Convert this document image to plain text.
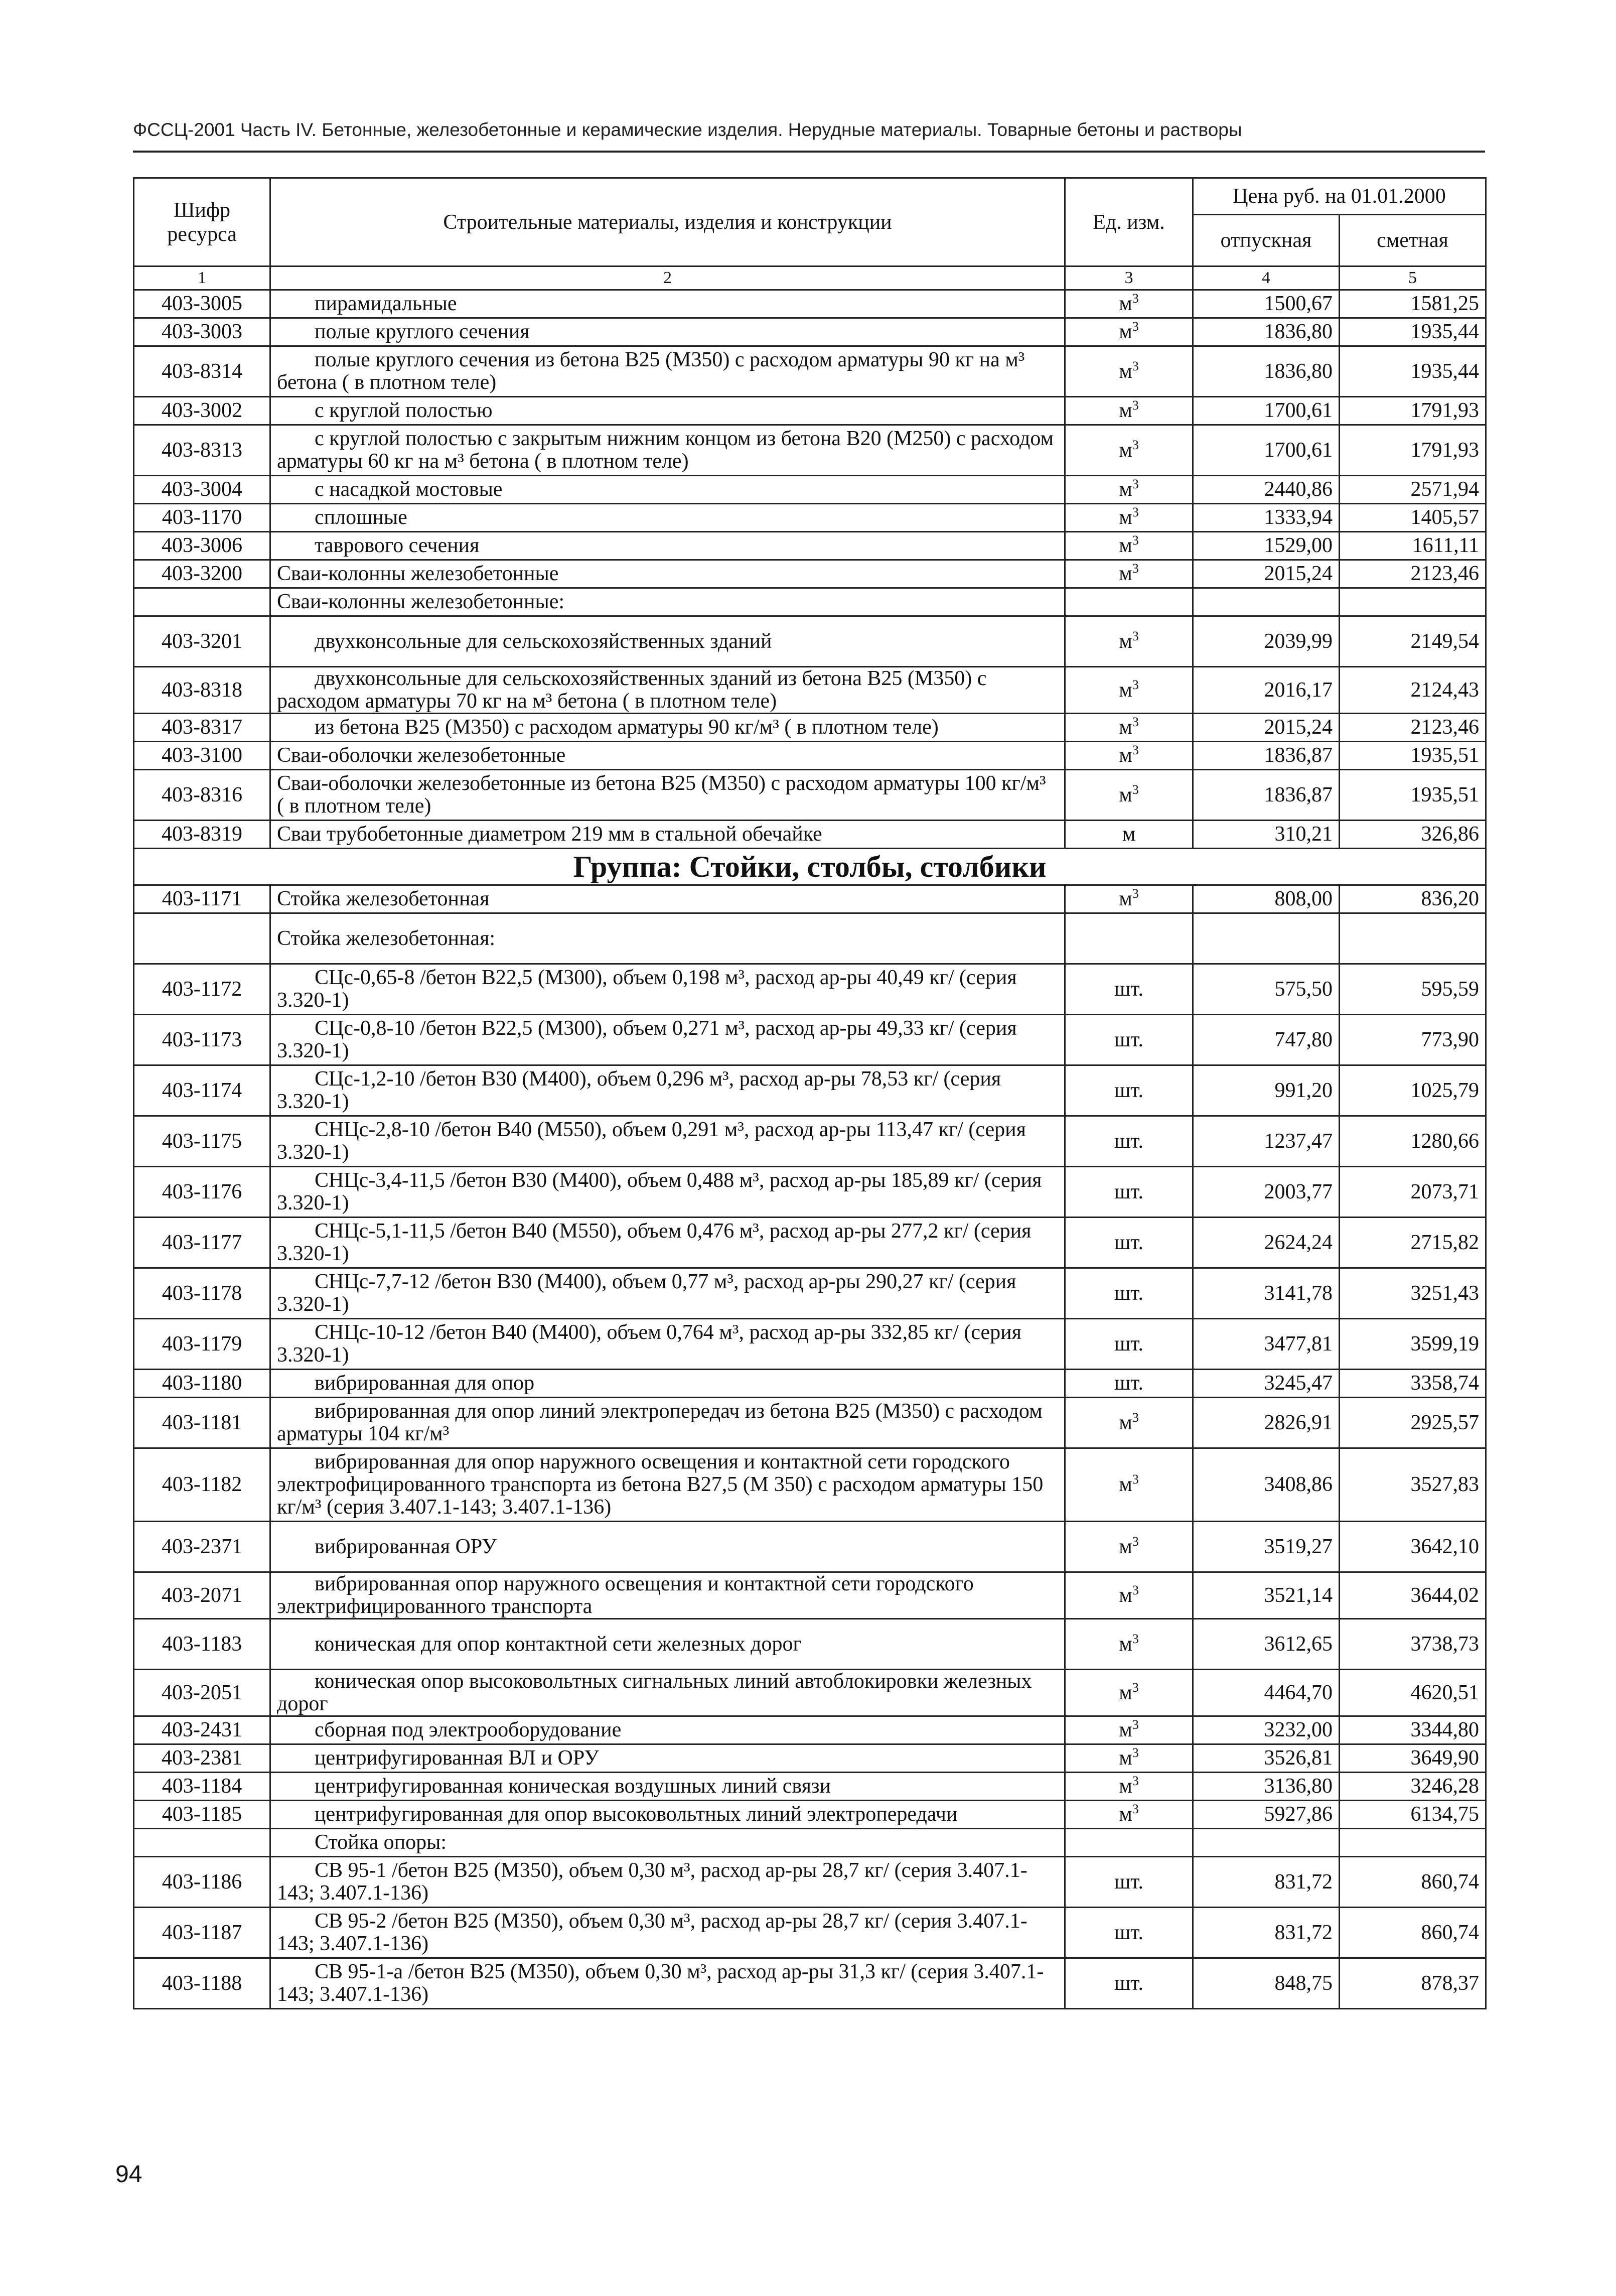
ФССЦ-2001 Часть IV. Бетонные, железобетонные и керамические изделия. Нерудные материалы. Товарные бетоны и растворы
Шифр ресурса	Строительные материалы, изделия и конструкции	Ед. изм.	Цена руб. на 01.01.2000	
			отпускная	сметная
1	2	3	4	5
403-3005	пирамидальные	$м^3$	1500,67	1581,25
403-3003	полые круглого сечения	$м^3$	1836,80	1935,44
403-8314	полые круглого сечения из бетона В25 (М350) с расходом арматуры 90 кг на м³ бетона ( в плотном теле)	$м^3$	1836,80	1935,44
403-3002	с круглой полостью	$м^3$	1700,61	1791,93
403-8313	с круглой полостью с закрытым нижним концом из бетона В20 (М250) с расходом арматуры 60 кг на м³ бетона ( в плотном теле)	$м^3$	1700,61	1791,93
403-3004	с насадкой мостовые	$м^3$	2440,86	2571,94
403-1170	сплошные	$м^3$	1333,94	1405,57
403-3006	таврового сечения	$м^3$	1529,00	1611,11
403-3200	Сваи-колонны железобетонные	$м^3$	2015,24	2123,46
	Сваи-колонны железобетонные:			
403-3201	двухконсольные для сельскохозяйственных зданий	$м^3$	2039,99	2149,54
403-8318	двухконсольные для сельскохозяйственных зданий из бетона В25 (М350) с расходом арматуры 70 кг на м³ бетона ( в плотном теле)	$м^3$	2016,17	2124,43
403-8317	из бетона В25 (М350) с расходом арматуры 90 кг/м³ ( в плотном теле)	$м^3$	2015,24	2123,46
403-3100	Сваи-оболочки железобетонные	$м^3$	1836,87	1935,51
403-8316	Сваи-оболочки железобетонные из бетона В25 (М350) с расходом арматуры 100 кг/м³ ( в плотном теле)	$м^3$	1836,87	1935,51
403-8319	Сваи трубобетонные диаметром 219 мм в стальной обечайке	м	310,21	326,86
Группа: Стойки, столбы, столбики				
403-1171	Стойка железобетонная	$м^3$	808,00	836,20
	Стойка железобетонная:			
403-1172	СЦс-0,65-8 /бетон В22,5 (М300), объем 0,198 м³, расход ар-ры 40,49 кг/ (серия 3.320-1)	шт.	575,50	595,59
403-1173	СЦс-0,8-10 /бетон В22,5 (М300), объем 0,271 м³, расход ар-ры 49,33 кг/ (серия 3.320-1)	шт.	747,80	773,90
403-1174	СЦс-1,2-10 /бетон В30 (М400), объем 0,296 м³, расход ар-ры 78,53 кг/ (серия 3.320-1)	шт.	991,20	1025,79
403-1175	СНЦс-2,8-10 /бетон В40 (М550), объем 0,291 м³, расход ар-ры 113,47 кг/ (серия 3.320-1)	шт.	1237,47	1280,66
403-1176	СНЦс-3,4-11,5 /бетон В30 (М400), объем 0,488 м³, расход ар-ры 185,89 кг/ (серия 3.320-1)	шт.	2003,77	2073,71
403-1177	СНЦс-5,1-11,5 /бетон В40 (М550), объем 0,476 м³, расход ар-ры 277,2 кг/ (серия 3.320-1)	шт.	2624,24	2715,82
403-1178	СНЦс-7,7-12 /бетон В30 (М400), объем 0,77 м³, расход ар-ры 290,27 кг/ (серия 3.320-1)	шт.	3141,78	3251,43
403-1179	СНЦс-10-12 /бетон В40 (М400), объем 0,764 м³, расход ар-ры 332,85 кг/ (серия 3.320-1)	шт.	3477,81	3599,19
403-1180	вибрированная для опор	шт.	3245,47	3358,74
403-1181	вибрированная для опор линий электропередач из бетона В25 (М350) с расходом арматуры 104 кг/м³	$м^3$	2826,91	2925,57
403-1182	вибрированная для опор наружного освещения и контактной сети городского электрофицированного транспорта из бетона В27,5 (М 350) с расходом арматуры 150 кг/м³ (серия 3.407.1-143; 3.407.1-136)	$м^3$	3408,86	3527,83
403-2371	вибрированная ОРУ	$м^3$	3519,27	3642,10
403-2071	вибрированная опор наружного освещения и контактной сети городского электрифицированного транспорта	$м^3$	3521,14	3644,02
403-1183	коническая для опор контактной сети железных дорог	$м^3$	3612,65	3738,73
403-2051	коническая опор высоковольтных сигнальных линий автоблокировки железных дорог	$м^3$	4464,70	4620,51
403-2431	сборная под электрооборудование	$м^3$	3232,00	3344,80
403-2381	центрифугированная ВЛ и ОРУ	$м^3$	3526,81	3649,90
403-1184	центрифугированная коническая воздушных линий связи	$м^3$	3136,80	3246,28
403-1185	центрифугированная для опор высоковольтных линий электропередачи	$м^3$	5927,86	6134,75
	Стойка опоры:			
403-1186	СВ 95-1 /бетон В25 (М350), объем 0,30 м³, расход ар-ры 28,7 кг/ (серия 3.407.1-143; 3.407.1-136)	шт.	831,72	860,74
403-1187	СВ 95-2 /бетон В25 (М350), объем 0,30 м³, расход ар-ры 28,7 кг/ (серия 3.407.1-143; 3.407.1-136)	шт.	831,72	860,74
403-1188	СВ 95-1-а /бетон В25 (М350), объем 0,30 м³, расход ар-ры 31,3 кг/ (серия 3.407.1-143; 3.407.1-136)	шт.	848,75	878,37
94
